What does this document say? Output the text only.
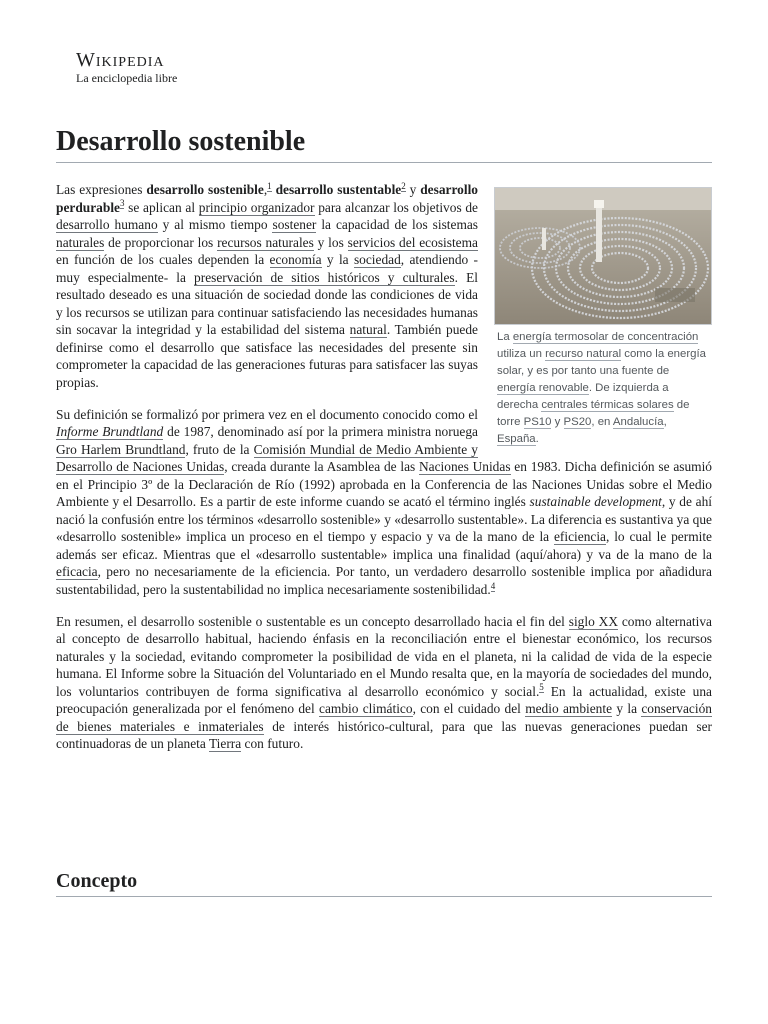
Wikipedia
La enciclopedia libre
Desarrollo sostenible
La energía termosolar de concentración utiliza un recurso natural como la energía solar, y es por tanto una fuente de energía renovable. De izquierda a derecha centrales térmicas solares de torre PS10 y PS20, en Andalucía, España.

Las expresiones desarrollo sostenible,$^1$ desarrollo sustentable$^2$ y desarrollo perdurable$^3$ se aplican al principio organizador para alcanzar los objetivos de desarrollo humano y al mismo tiempo sostener la capacidad de los sistemas naturales de proporcionar los recursos naturales y los servicios del ecosistema en función de los cuales dependen la economía y la sociedad, atendiendo -muy especialmente- la preservación de sitios históricos y culturales. El resultado deseado es una situación de sociedad donde las condiciones de vida y los recursos se utilizan para continuar satisfaciendo las necesidades humanas sin socavar la integridad y la estabilidad del sistema natural. También puede definirse como el desarrollo que satisface las necesidades del presente sin comprometer la capacidad de las generaciones futuras para satisfacer las suyas propias.

Su definición se formalizó por primera vez en el documento conocido como el Informe Brundtland de 1987, denominado así por la primera ministra noruega Gro Harlem Brundtland, fruto de la Comisión Mundial de Medio Ambiente y Desarrollo de Naciones Unidas, creada durante la Asamblea de las Naciones Unidas en 1983. Dicha definición se asumió en el Principio 3º de la Declaración de Río (1992) aprobada en la Conferencia de las Naciones Unidas sobre el Medio Ambiente y el Desarrollo. Es a partir de este informe cuando se acató el término inglés sustainable development, y de ahí nació la confusión entre los términos «desarrollo sostenible» y «desarrollo sustentable». La diferencia es sustantiva ya que «desarrollo sostenible» implica un proceso en el tiempo y espacio y va de la mano de la eficiencia, lo cual le permite además ser eficaz. Mientras que el «desarrollo sustentable» implica una finalidad (aquí/ahora) y va de la mano de la eficacia, pero no necesariamente de la eficiencia. Por tanto, un verdadero desarrollo sostenible implica por añadidura sustentabilidad, pero la sustentabilidad no implica necesariamente sostenibilidad.$^4$

En resumen, el desarrollo sostenible o sustentable es un concepto desarrollado hacia el fin del siglo XX como alternativa al concepto de desarrollo habitual, haciendo énfasis en la reconciliación entre el bienestar económico, los recursos naturales y la sociedad, evitando comprometer la posibilidad de vida en el planeta, ni la calidad de vida de la especie humana. El Informe sobre la Situación del Voluntariado en el Mundo resalta que, en la mayoría de sociedades del mundo, los voluntarios contribuyen de forma significativa al desarrollo económico y social.$^5$ En la actualidad, existe una preocupación generalizada por el fenómeno del cambio climático, con el cuidado del medio ambiente y la conservación de bienes materiales e inmateriales de interés histórico-cultural, para que las nuevas generaciones puedan ser continuadoras de un planeta Tierra con futuro.

Concepto
